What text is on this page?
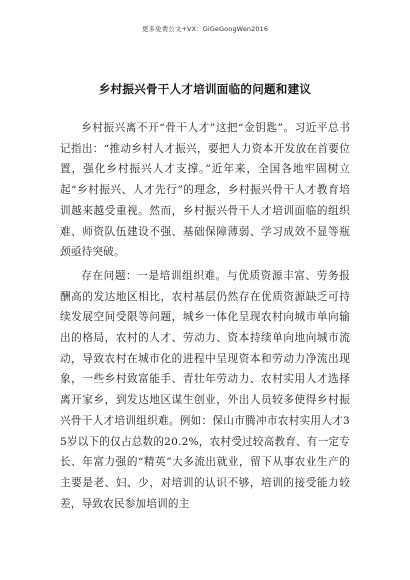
更多免费公文+VX：GiGeGongWen2016
乡村振兴骨干人才培训面临的问题和建议

乡村振兴离不开“骨干人才”这把“金钥匙”。习近平总书记指出：“推动乡村人才振兴，要把人力资本开发放在首要位置，强化乡村振兴人才支撑。”近年来，全国各地牢固树立起“乡村振兴、人才先行”的理念，乡村振兴骨干人才教育培训越来越受重视。然而，乡村振兴骨干人才培训面临的组织难、师资队伍建设不强、基础保障薄弱、学习成效不显等瓶颈亟待突破。

存在问题：一是培训组织难。与优质资源丰富、劳务报酬高的发达地区相比，农村基层仍然存在优质资源缺乏可持续发展空间受限等问题，城乡一体化呈现农村向城市单向输出的格局，农村的人才、劳动力、资本持续单向地向城市流动，导致农村在城市化的进程中呈现资本和劳动力净流出现象，一些乡村致富能手、青壮年劳动力、农村实用人才选择离开家乡，到发达地区谋生创业，外出人员较多使得乡村振兴骨干人才培训组织难。例如：保山市腾冲市农村实用人才35岁以下的仅占总数的20.2%，农村受过较高教育、有一定专长、年富力强的“精英”大多流出就业，留下从事农业生产的主要是老、妇、少，对培训的认识不够，培训的接受能力较差，导致农民参加培训的主
